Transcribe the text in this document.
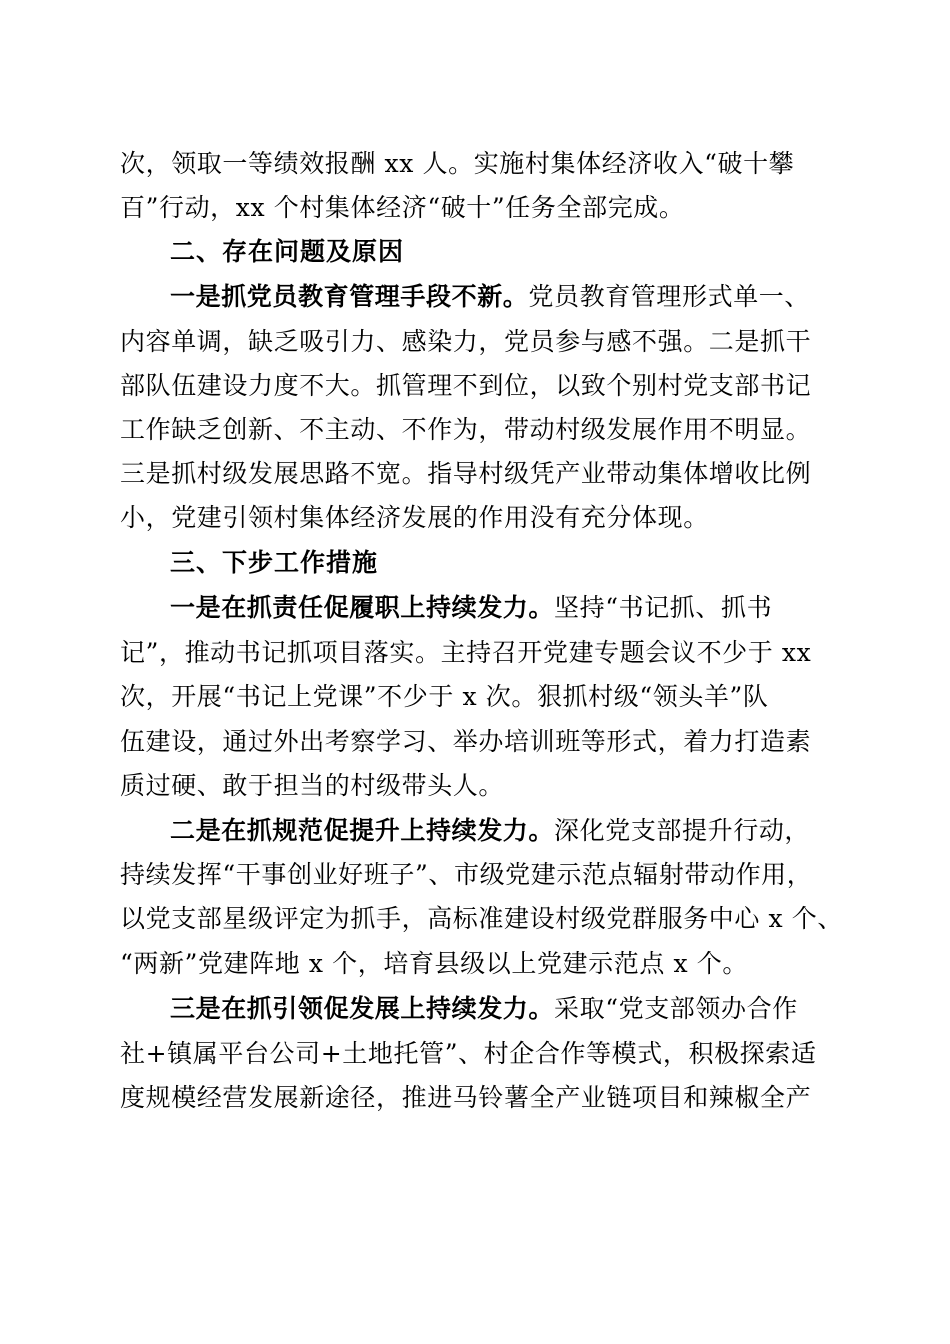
次，领取一等绩效报酬 xx 人。实施村集体经济收入“破十攀
百”行动，xx 个村集体经济“破十”任务全部完成。
二、存在问题及原因
一是抓党员教育管理手段不新。党员教育管理形式单一、
内容单调，缺乏吸引力、感染力，党员参与感不强。二是抓干
部队伍建设力度不大。抓管理不到位，以致个别村党支部书记
工作缺乏创新、不主动、不作为，带动村级发展作用不明显。
三是抓村级发展思路不宽。指导村级凭产业带动集体增收比例
小，党建引领村集体经济发展的作用没有充分体现。
三、下步工作措施
一是在抓责任促履职上持续发力。坚持“书记抓、抓书
记”，推动书记抓项目落实。主持召开党建专题会议不少于 xx
次，开展“书记上党课”不少于 x 次。狠抓村级“领头羊”队
伍建设，通过外出考察学习、举办培训班等形式，着力打造素
质过硬、敢于担当的村级带头人。
二是在抓规范促提升上持续发力。深化党支部提升行动，
持续发挥“干事创业好班子”、市级党建示范点辐射带动作用，
以党支部星级评定为抓手，高标准建设村级党群服务中心 x 个、
“两新”党建阵地 x 个，培育县级以上党建示范点 x 个。
三是在抓引领促发展上持续发力。采取“党支部领办合作
社+镇属平台公司+土地托管”、村企合作等模式，积极探索适
度规模经营发展新途径，推进马铃薯全产业链项目和辣椒全产
